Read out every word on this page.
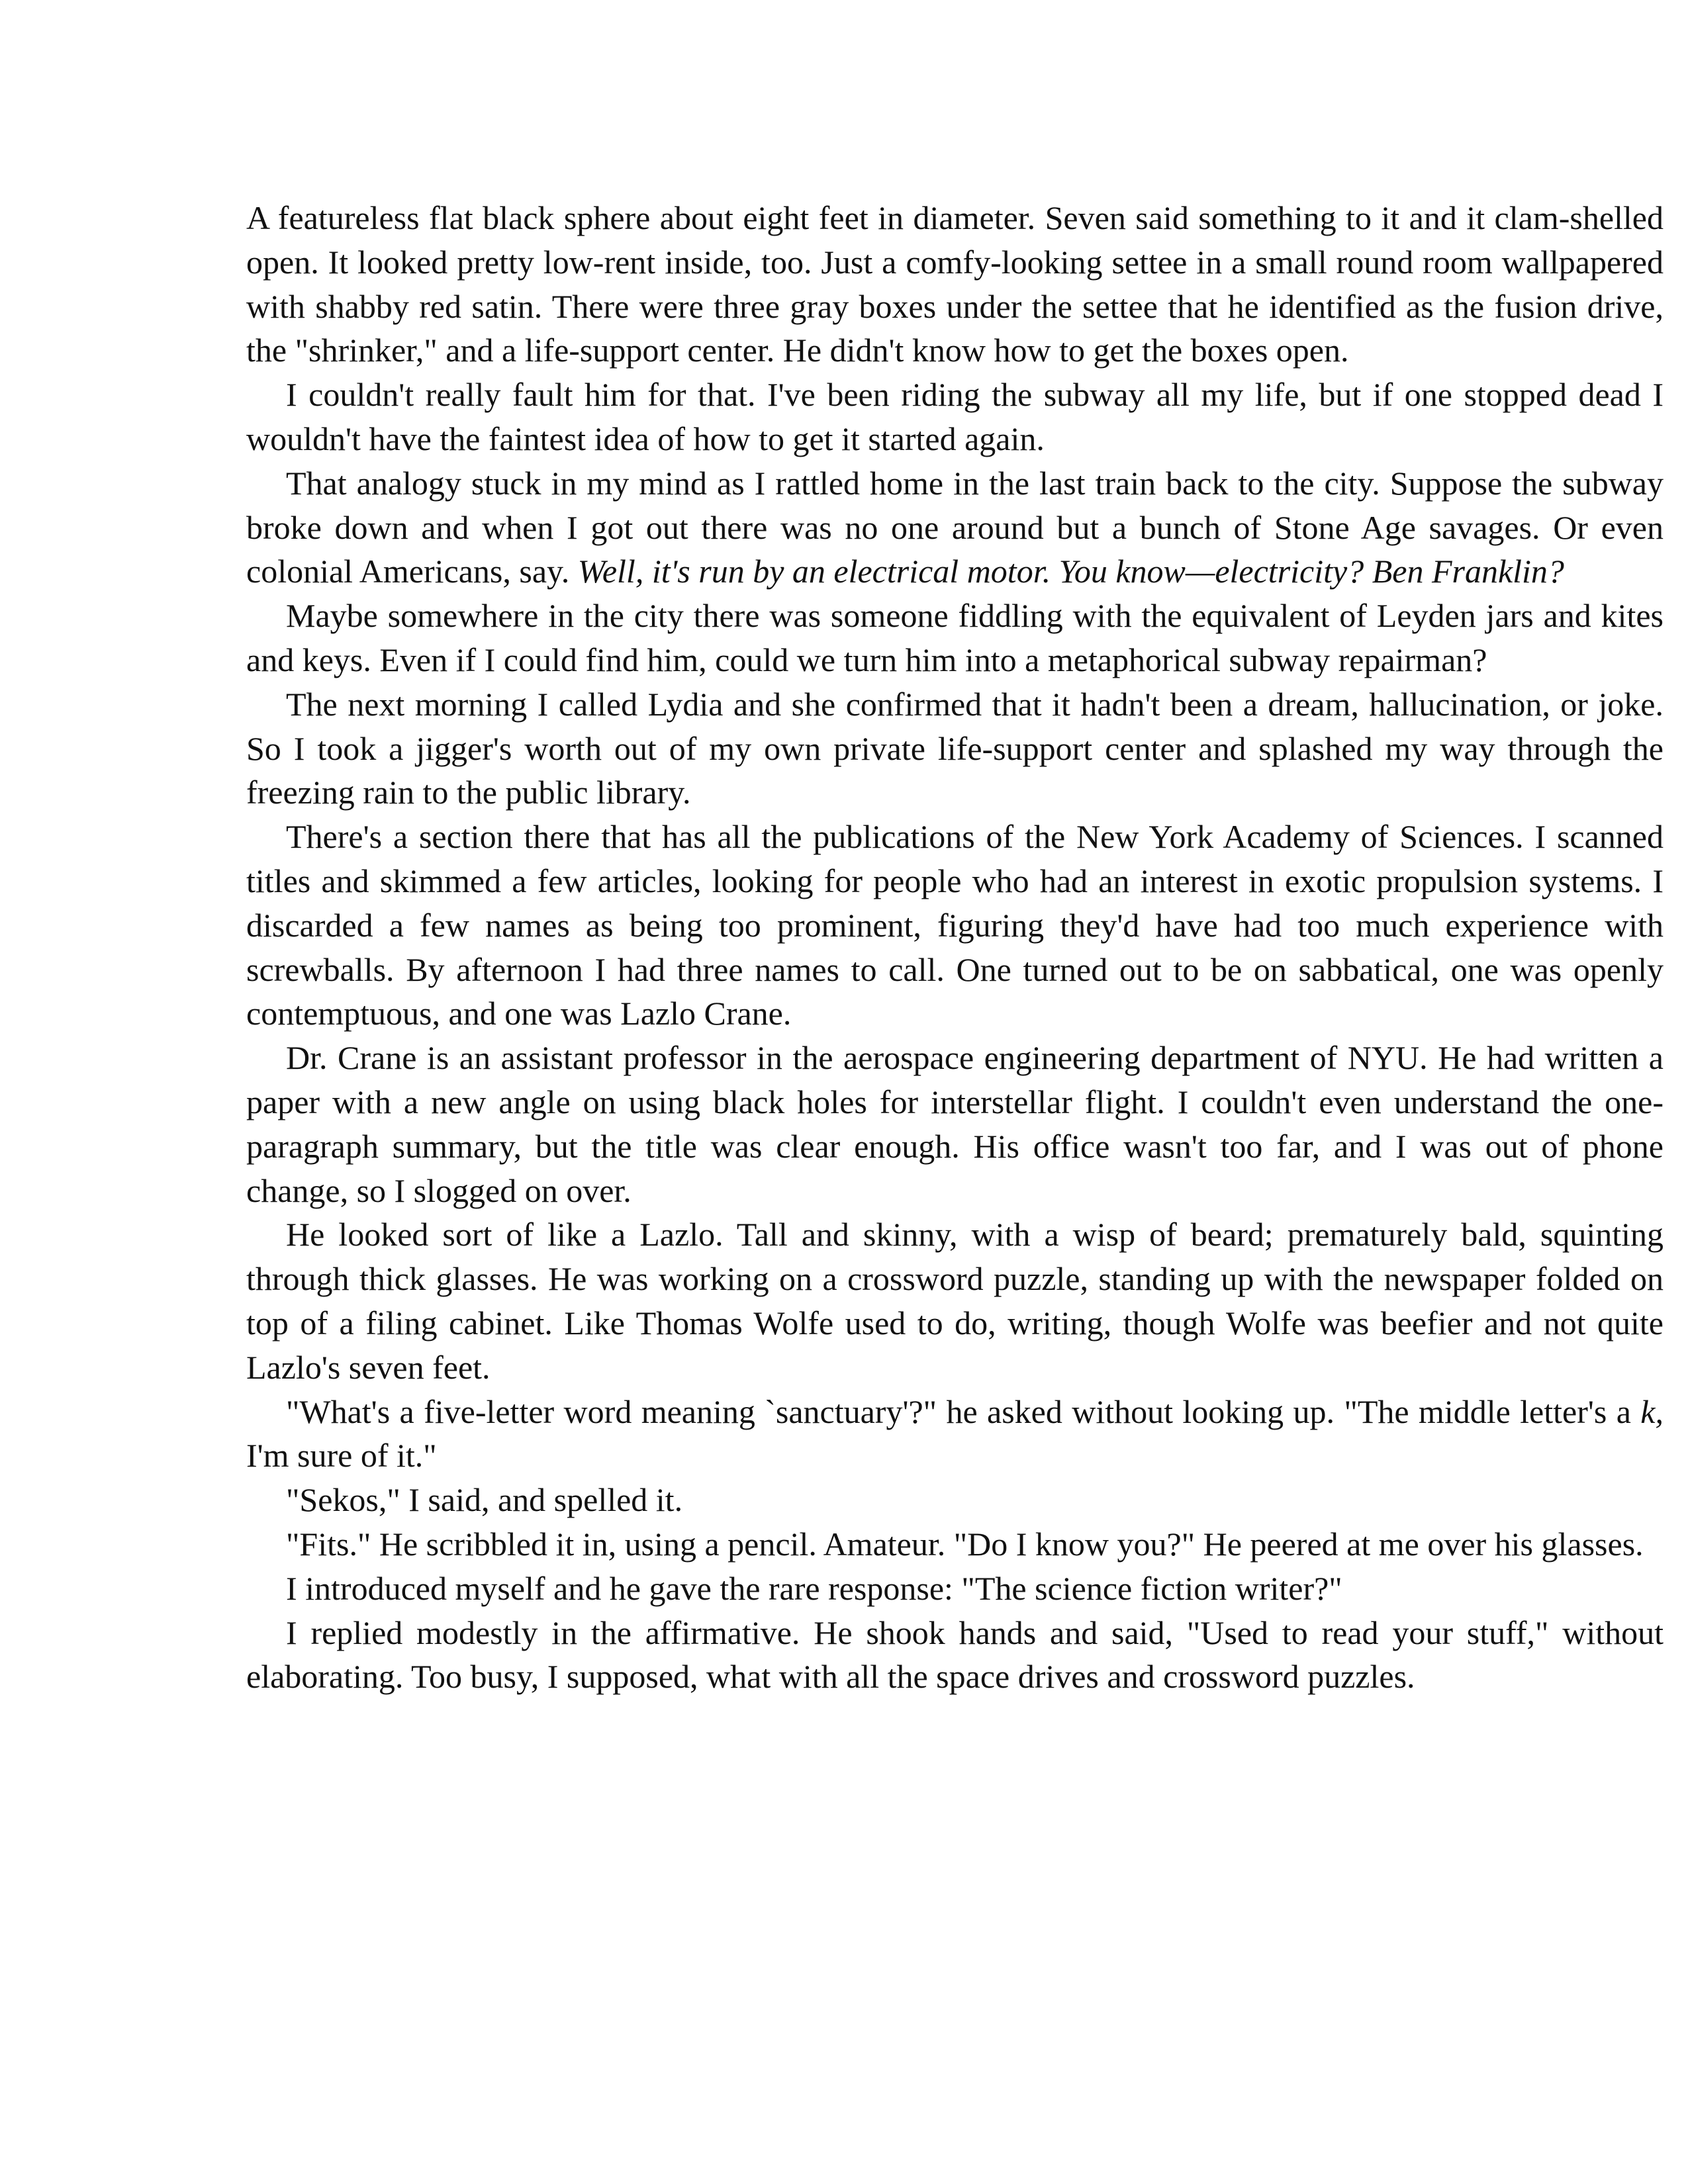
A featureless flat black sphere about eight feet in diameter. Seven said something to it and it clam-shelled open. It looked pretty low-rent inside, too. Just a comfy-looking settee in a small round room wallpapered with shabby red satin. There were three gray boxes under the settee that he identified as the fusion drive, the "shrinker," and a life-support center. He didn't know how to get the boxes open.

I couldn't really fault him for that. I've been riding the subway all my life, but if one stopped dead I wouldn't have the faintest idea of how to get it started again.

That analogy stuck in my mind as I rattled home in the last train back to the city. Suppose the subway broke down and when I got out there was no one around but a bunch of Stone Age savages. Or even colonial Americans, say. Well, it's run by an electrical motor. You know—electricity? Ben Franklin?

Maybe somewhere in the city there was someone fiddling with the equivalent of Leyden jars and kites and keys. Even if I could find him, could we turn him into a metaphorical subway repairman?

The next morning I called Lydia and she confirmed that it hadn't been a dream, hallucination, or joke. So I took a jigger's worth out of my own private life-support center and splashed my way through the freezing rain to the public library.

There's a section there that has all the publications of the New York Academy of Sciences. I scanned titles and skimmed a few articles, looking for people who had an interest in exotic propulsion systems. I discarded a few names as being too prominent, figuring they'd have had too much experience with screwballs. By afternoon I had three names to call. One turned out to be on sabbatical, one was openly contemptuous, and one was Lazlo Crane.

Dr. Crane is an assistant professor in the aerospace engineering department of NYU. He had written a paper with a new angle on using black holes for interstellar flight. I couldn't even understand the one-paragraph summary, but the title was clear enough. His office wasn't too far, and I was out of phone change, so I slogged on over.

He looked sort of like a Lazlo. Tall and skinny, with a wisp of beard; prematurely bald, squinting through thick glasses. He was working on a crossword puzzle, standing up with the newspaper folded on top of a filing cabinet. Like Thomas Wolfe used to do, writing, though Wolfe was beefier and not quite Lazlo's seven feet.

"What's a five-letter word meaning `sanctuary'?" he asked without looking up. "The middle letter's a k, I'm sure of it."

"Sekos," I said, and spelled it.

"Fits." He scribbled it in, using a pencil. Amateur. "Do I know you?" He peered at me over his glasses.

I introduced myself and he gave the rare response: "The science fiction writer?"

I replied modestly in the affirmative. He shook hands and said, "Used to read your stuff," without elaborating. Too busy, I supposed, what with all the space drives and crossword puzzles.
